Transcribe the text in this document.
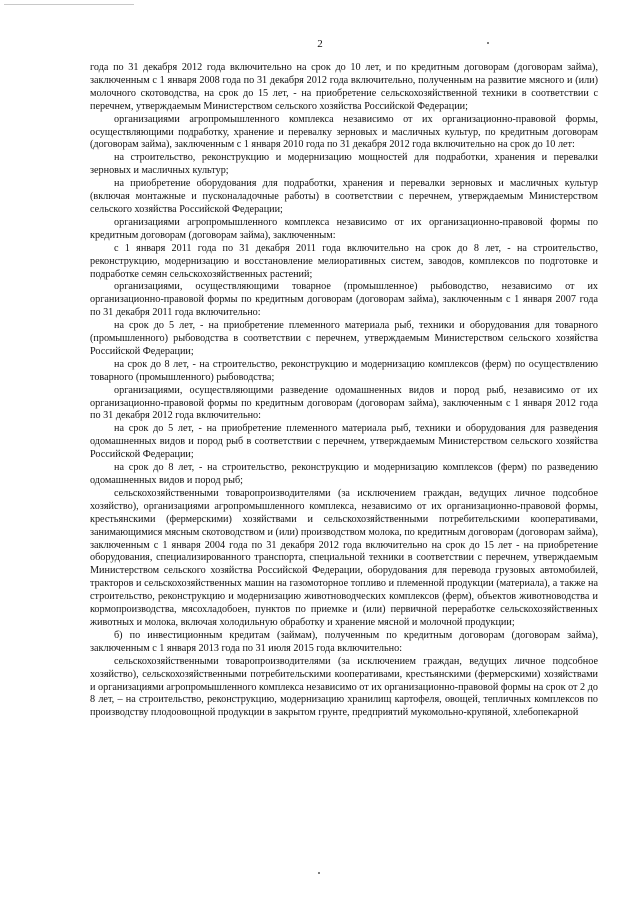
2

года по 31 декабря 2012 года включительно на срок до 10 лет, и по кредитным договорам (договорам займа), заключенным с 1 января 2008 года по 31 декабря 2012 года включительно, полученным на развитие мясного и (или) молочного скотоводства, на срок до 15 лет, - на приобретение сельскохозяйственной техники в соответствии с перечнем, утверждаемым Министерством сельского хозяйства Российской Федерации;

организациями агропромышленного комплекса независимо от их организационно-правовой формы, осуществляющими подработку, хранение и перевалку зерновых и масличных культур, по кредитным договорам (договорам займа), заключенным с 1 января 2010 года по 31 декабря 2012 года включительно на срок до 10 лет:

на строительство, реконструкцию и модернизацию мощностей для подработки, хранения и перевалки зерновых и масличных культур;

на приобретение оборудования для подработки, хранения и перевалки зерновых и масличных культур (включая монтажные и пусконаладочные работы) в соответствии с перечнем, утверждаемым Министерством сельского хозяйства Российской Федерации;

организациями агропромышленного комплекса независимо от их организационно-правовой формы по кредитным договорам (договорам займа), заключенным:

с 1 января 2011 года по 31 декабря 2011 года включительно на срок до 8 лет, - на строительство, реконструкцию, модернизацию и восстановление мелиоративных систем, заводов, комплексов по подготовке и подработке семян сельскохозяйственных растений;

организациями, осуществляющими товарное (промышленное) рыбоводство, независимо от их организационно-правовой формы по кредитным договорам (договорам займа), заключенным с 1 января 2007 года по 31 декабря 2011 года включительно:

на срок до 5 лет, - на приобретение племенного материала рыб, техники и оборудования для товарного (промышленного) рыбоводства в соответствии с перечнем, утверждаемым Министерством сельского хозяйства Российской Федерации;

на срок до 8 лет, - на строительство, реконструкцию и модернизацию комплексов (ферм) по осуществлению товарного (промышленного) рыбоводства;

организациями, осуществляющими разведение одомашненных видов и пород рыб, независимо от их организационно-правовой формы по кредитным договорам (договорам займа), заключенным с 1 января 2012 года по 31 декабря 2012 года включительно:

на срок до 5 лет, - на приобретение племенного материала рыб, техники и оборудования для разведения одомашненных видов и пород рыб в соответствии с перечнем, утверждаемым Министерством сельского хозяйства Российской Федерации;

на срок до 8 лет, - на строительство, реконструкцию и модернизацию комплексов (ферм) по разведению одомашненных видов и пород рыб;

сельскохозяйственными товаропроизводителями (за исключением граждан, ведущих личное подсобное хозяйство), организациями агропромышленного комплекса, независимо от их организационно-правовой формы, крестьянскими (фермерскими) хозяйствами и сельскохозяйственными потребительскими кооперативами, занимающимися мясным скотоводством и (или) производством молока, по кредитным договорам (договорам займа), заключенным с 1 января 2004 года по 31 декабря 2012 года включительно на срок до 15 лет - на приобретение оборудования, специализированного транспорта, специальной техники в соответствии с перечнем, утверждаемым Министерством сельского хозяйства Российской Федерации, оборудования для перевода грузовых автомобилей, тракторов и сельскохозяйственных машин на газомоторное топливо и племенной продукции (материала), а также на строительство, реконструкцию и модернизацию животноводческих комплексов (ферм), объектов животноводства и кормопроизводства, мясохладобоен, пунктов по приемке и (или) первичной переработке сельскохозяйственных животных и молока, включая холодильную обработку и хранение мясной и молочной продукции;

б) по инвестиционным кредитам (займам), полученным по кредитным договорам (договорам займа), заключенным с 1 января 2013 года по 31 июля 2015 года включительно:

сельскохозяйственными товаропроизводителями (за исключением граждан, ведущих личное подсобное хозяйство), сельскохозяйственными потребительскими кооперативами, крестьянскими (фермерскими) хозяйствами и организациями агропромышленного комплекса независимо от их организационно-правовой формы на срок от 2 до 8 лет, – на строительство, реконструкцию, модернизацию хранилищ картофеля, овощей, тепличных комплексов по производству плодоовощной продукции в закрытом грунте, предприятий мукомольно-крупяной, хлебопекарной
